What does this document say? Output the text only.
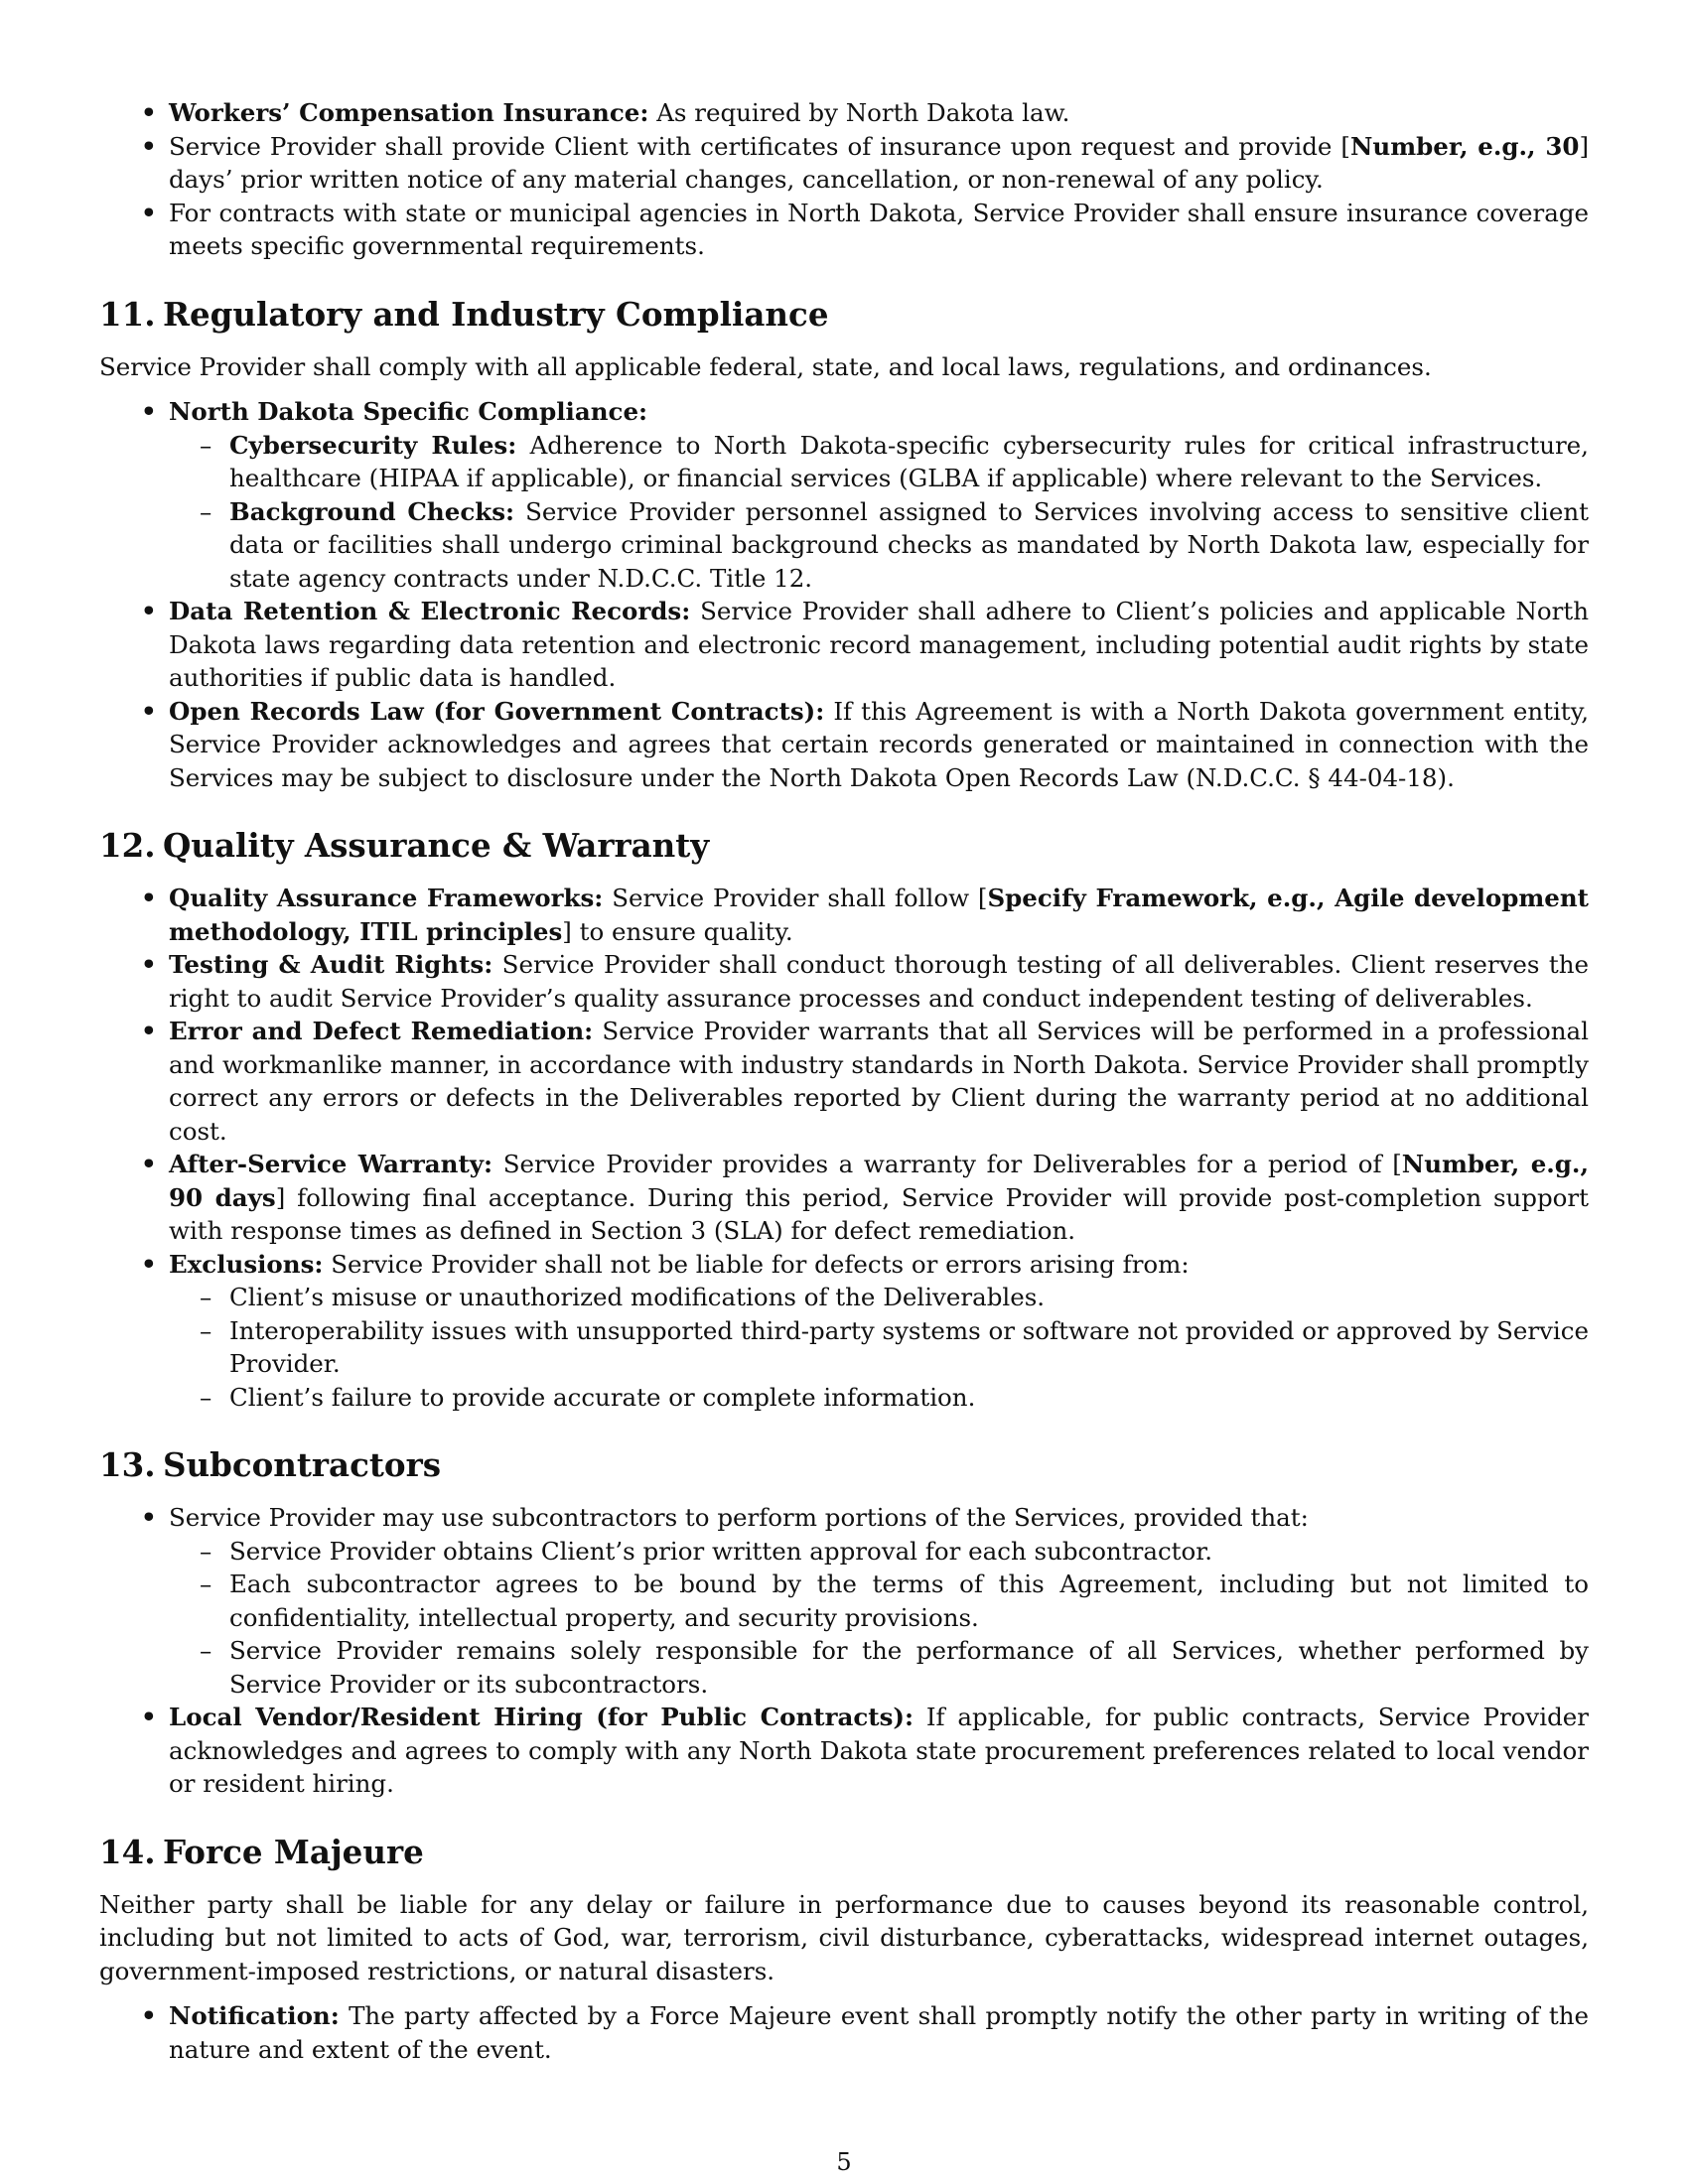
• Workers’ Compensation Insurance: As required by North Dakota law.
• Service Provider shall provide Client with certificates of insurance upon request and provide [Number, e.g., 30] days’ prior written notice of any material changes, cancellation, or non-renewal of any policy.
• For contracts with state or municipal agencies in North Dakota, Service Provider shall ensure insurance coverage meets specific governmental requirements.
11. Regulatory and Industry Compliance

Service Provider shall comply with all applicable federal, state, and local laws, regulations, and ordinances.

• North Dakota Specific Compliance:
– Cybersecurity Rules: Adherence to North Dakota-specific cybersecurity rules for critical infrastructure, healthcare (HIPAA if applicable), or financial services (GLBA if applicable) where relevant to the Services.
– Background Checks: Service Provider personnel assigned to Services involving access to sensitive client data or facilities shall undergo criminal background checks as mandated by North Dakota law, especially for state agency contracts under N.D.C.C. Title 12.
• Data Retention & Electronic Records: Service Provider shall adhere to Client’s policies and applicable North Dakota laws regarding data retention and electronic record management, including potential audit rights by state authorities if public data is handled.
• Open Records Law (for Government Contracts): If this Agreement is with a North Dakota government entity, Service Provider acknowledges and agrees that certain records generated or maintained in connection with the Services may be subject to disclosure under the North Dakota Open Records Law (N.D.C.C. § 44-04-18).
12. Quality Assurance & Warranty
• Quality Assurance Frameworks: Service Provider shall follow [Specify Framework, e.g., Agile development methodology, ITIL principles] to ensure quality.
• Testing & Audit Rights: Service Provider shall conduct thorough testing of all deliverables. Client reserves the right to audit Service Provider’s quality assurance processes and conduct independent testing of deliverables.
• Error and Defect Remediation: Service Provider warrants that all Services will be performed in a professional and workmanlike manner, in accordance with industry standards in North Dakota. Service Provider shall promptly correct any errors or defects in the Deliverables reported by Client during the warranty period at no additional cost.
• After-Service Warranty: Service Provider provides a warranty for Deliverables for a period of [Number, e.g., 90 days] following final acceptance. During this period, Service Provider will provide post-completion support with response times as defined in Section 3 (SLA) for defect remediation.
• Exclusions: Service Provider shall not be liable for defects or errors arising from:
– Client’s misuse or unauthorized modifications of the Deliverables.
– Interoperability issues with unsupported third-party systems or software not provided or approved by Service Provider.
– Client’s failure to provide accurate or complete information.
13. Subcontractors
• Service Provider may use subcontractors to perform portions of the Services, provided that:
– Service Provider obtains Client’s prior written approval for each subcontractor.
– Each subcontractor agrees to be bound by the terms of this Agreement, including but not limited to confidentiality, intellectual property, and security provisions.
– Service Provider remains solely responsible for the performance of all Services, whether performed by Service Provider or its subcontractors.
• Local Vendor/Resident Hiring (for Public Contracts): If applicable, for public contracts, Service Provider acknowledges and agrees to comply with any North Dakota state procurement preferences related to local vendor or resident hiring.
14. Force Majeure

Neither party shall be liable for any delay or failure in performance due to causes beyond its reasonable control, including but not limited to acts of God, war, terrorism, civil disturbance, cyberattacks, widespread internet outages, government-imposed restrictions, or natural disasters.

• Notification: The party affected by a Force Majeure event shall promptly notify the other party in writing of the nature and extent of the event.
5
